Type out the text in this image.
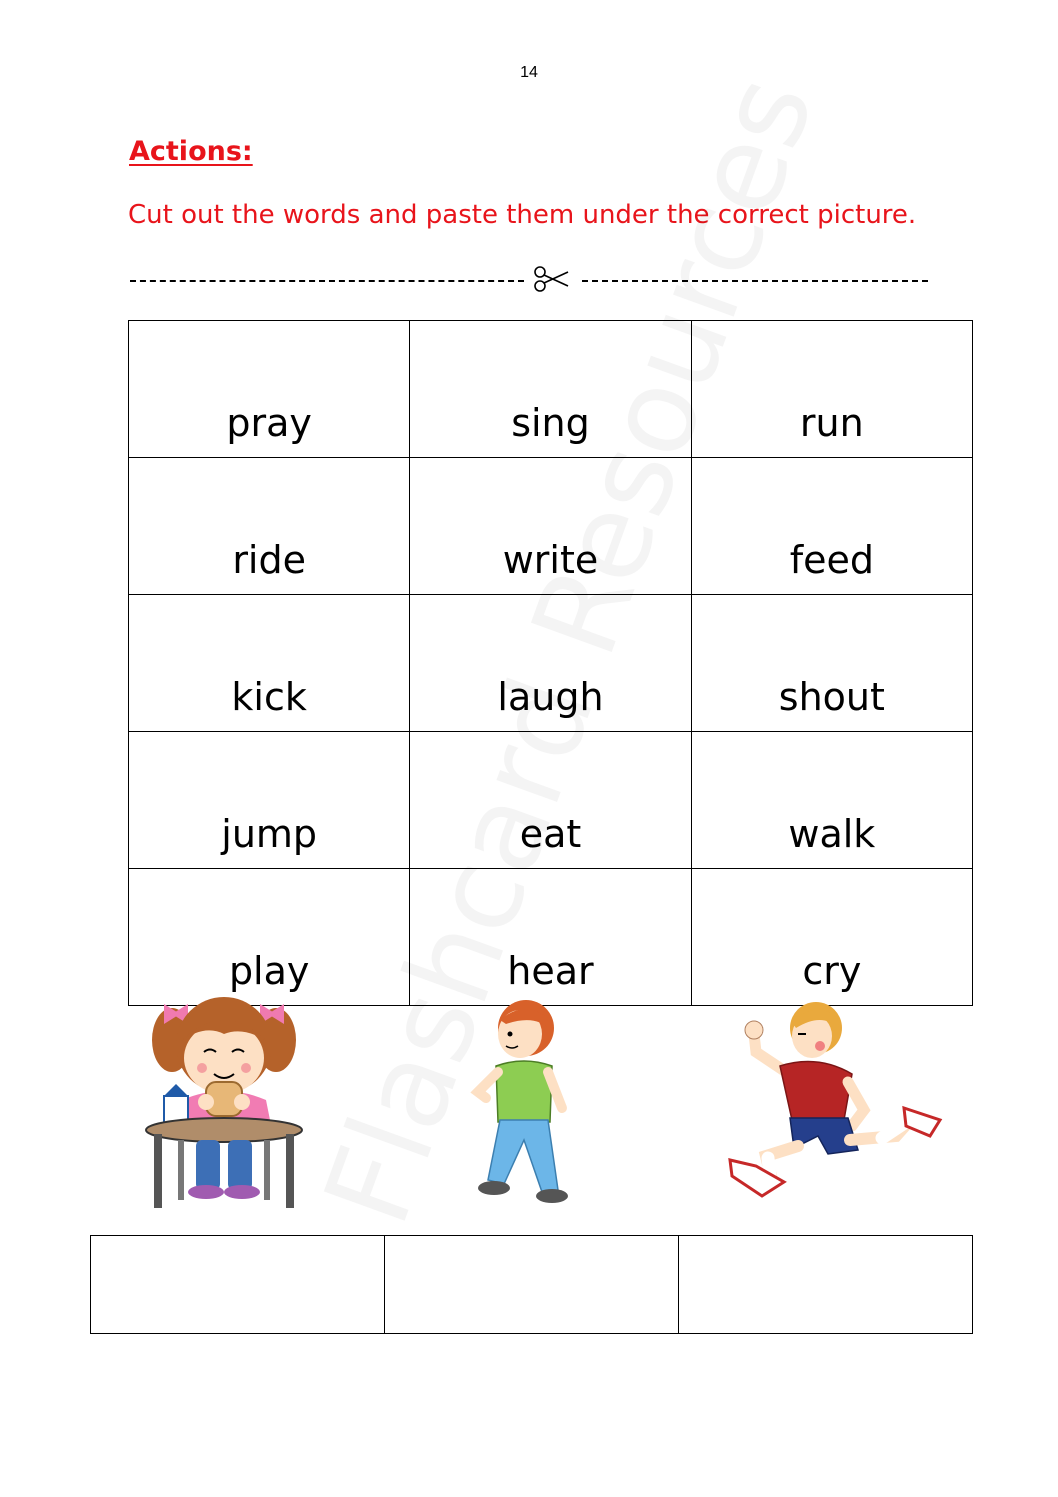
14
Actions:
Cut out the words and paste them under the correct picture.
pray	sing	run
ride	write	feed
kick	laugh	shout
jump	eat	walk
play	hear	cry
